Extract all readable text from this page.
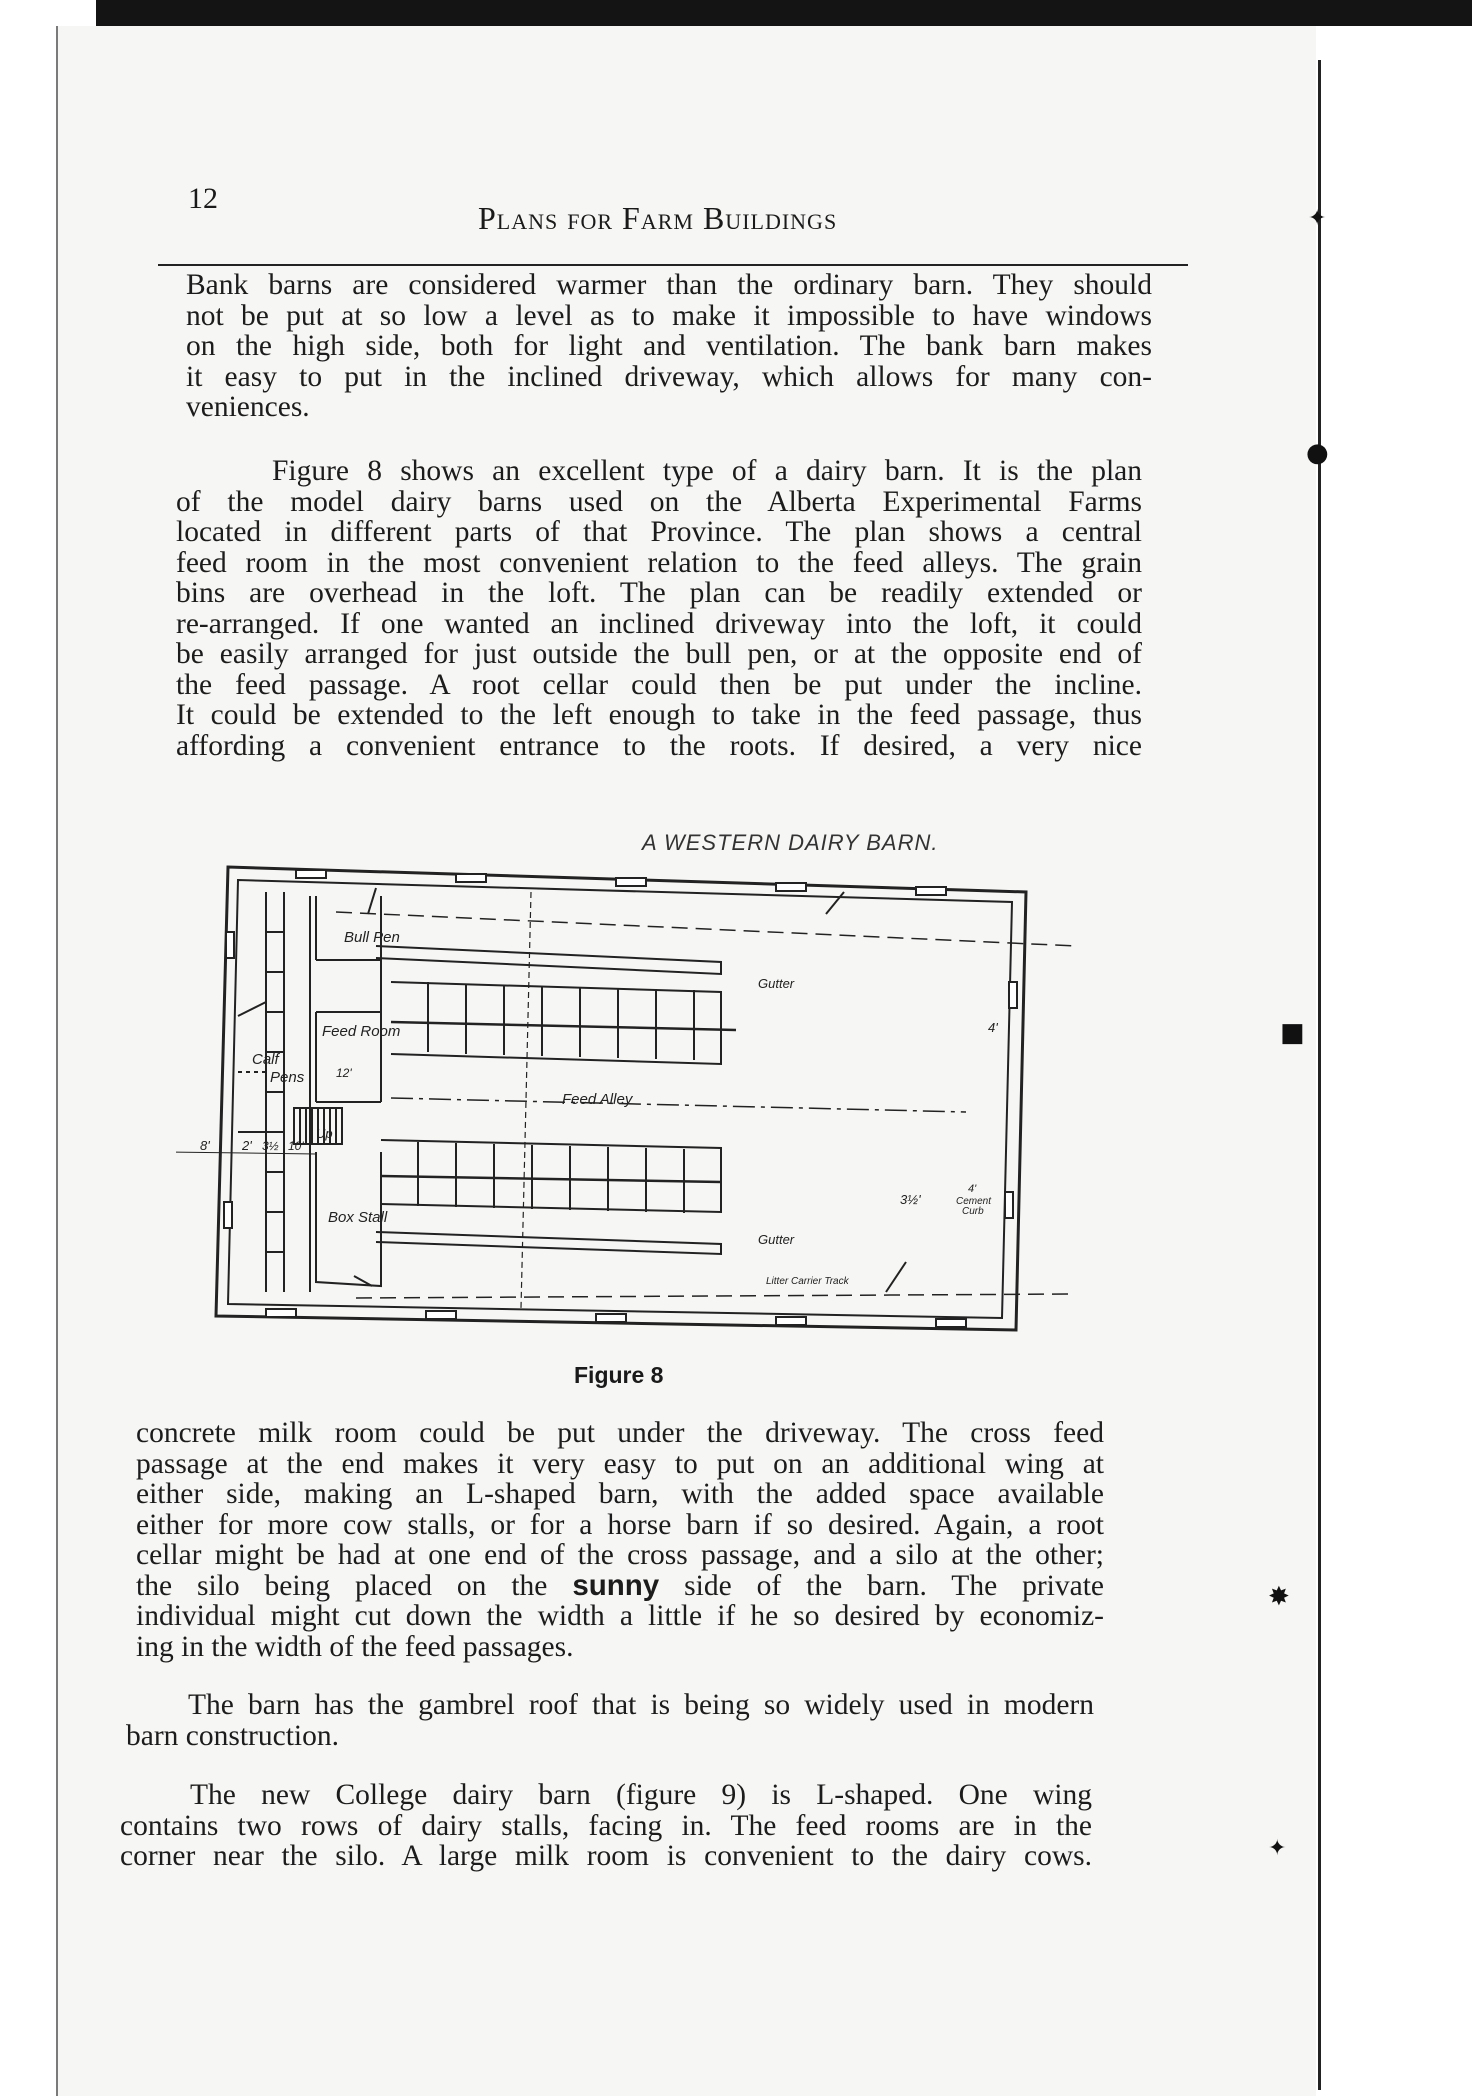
✦
●
■
✸
✦
12
Plans for Farm Buildings
Bank barns are considered warmer than the ordinary barn. They should
not be put at so low a level as to make it impossible to have windows
on the high side, both for light and ventilation. The bank barn makes
it easy to put in the inclined driveway, which allows for many con-
veniences.
Figure 8 shows an excellent type of a dairy barn. It is the plan
of the model dairy barns used on the Alberta Experimental Farms
located in different parts of that Province. The plan shows a central
feed room in the most convenient relation to the feed alleys. The grain
bins are overhead in the loft. The plan can be readily extended or
re-arranged. If one wanted an inclined driveway into the loft, it could
be easily arranged for just outside the bull pen, or at the opposite end of
the feed passage. A root cellar could then be put under the incline.
It could be extended to the left enough to take in the feed passage, thus
affording a convenient entrance to the roots. If desired, a very nice
A WESTERN DAIRY BARN.
Bull Pen
Feed Room
Calf
Pens
Box Stall
Feed Alley
Up
Gutter
Gutter
Cement
Curb
Litter Carrier Track
8' 2' 3½ 10'
12'
4'
3½'
4'
Figure 8
concrete milk room could be put under the driveway. The cross feed
passage at the end makes it very easy to put on an additional wing at
either side, making an L-shaped barn, with the added space available
either for more cow stalls, or for a horse barn if so desired. Again, a root
cellar might be had at one end of the cross passage, and a silo at the other;
the silo being placed on the sunny side of the barn. The private
individual might cut down the width a little if he so desired by economiz-
ing in the width of the feed passages.
The barn has the gambrel roof that is being so widely used in modern
barn construction.
The new College dairy barn (figure 9) is L-shaped. One wing
contains two rows of dairy stalls, facing in. The feed rooms are in the
corner near the silo. A large milk room is convenient to the dairy cows.
